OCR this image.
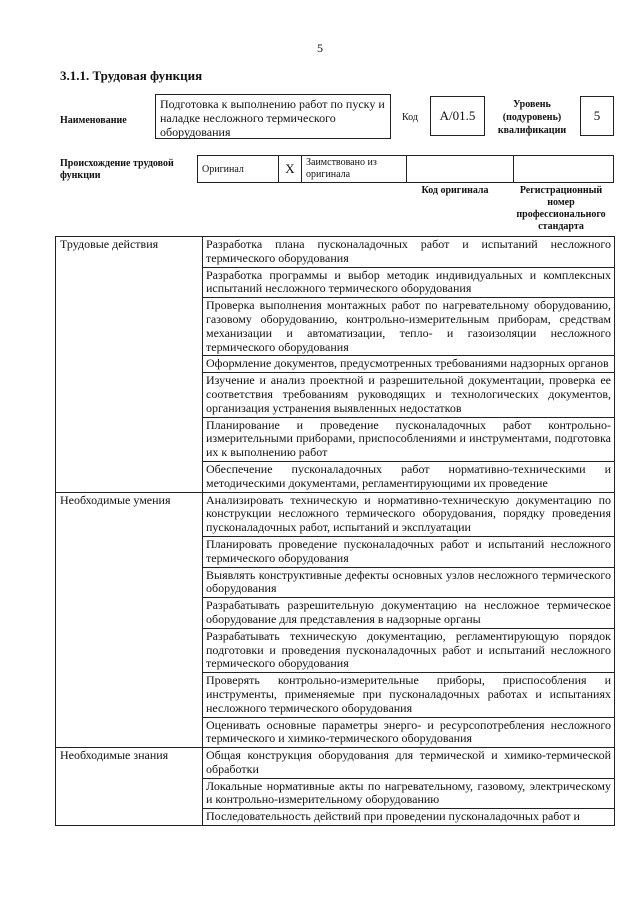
5
3.1.1. Трудовая функция
Наименование
Подготовка к выполнению работ по пуску и наладке несложного термического оборудования
Код	А/01.5
Уровень (подуровень) квалификации
5
Происхождение трудовой функции
Оригинал	X	Заимствовано из оригинала		
Код оригинала	Регистрационный номер профессионального стандарта
Трудовые действия	Разработка плана пусконаладочных работ и испытаний несложного термического оборудования
	Разработка программы и выбор методик индивидуальных и комплексных испытаний несложного термического оборудования
	Проверка выполнения монтажных работ по нагревательному оборудованию, газовому оборудованию, контрольно-измерительным приборам, средствам механизации и автоматизации, тепло- и газоизоляции несложного термического оборудования
	Оформление документов, предусмотренных требованиями надзорных органов
	Изучение и анализ проектной и разрешительной документации, проверка ее соответствия требованиям руководящих и технологических документов, организация устранения выявленных недостатков
	Планирование и проведение пусконаладочных работ контрольно-измерительными приборами, приспособлениями и инструментами, подготовка их к выполнению работ
	Обеспечение пусконаладочных работ нормативно-техническими и методическими документами, регламентирующими их проведение
Необходимые умения	Анализировать техническую и нормативно-техническую документацию по конструкции несложного термического оборудования, порядку проведения пусконаладочных работ, испытаний и эксплуатации
	Планировать проведение пусконаладочных работ и испытаний несложного термического оборудования
	Выявлять конструктивные дефекты основных узлов несложного термического оборудования
	Разрабатывать разрешительную документацию на несложное термическое оборудование для представления в надзорные органы
	Разрабатывать техническую документацию, регламентирующую порядок подготовки и проведения пусконаладочных работ и испытаний несложного термического оборудования
	Проверять контрольно-измерительные приборы, приспособления и инструменты, применяемые при пусконаладочных работах и испытаниях несложного термического оборудования
	Оценивать основные параметры энерго- и ресурсопотребления несложного термического и химико-термического оборудования
Необходимые знания	Общая конструкция оборудования для термической и химико-термической обработки
	Локальные нормативные акты по нагревательному, газовому, электрическому и контрольно-измерительному оборудованию
	Последовательность действий при проведении пусконаладочных работ и
